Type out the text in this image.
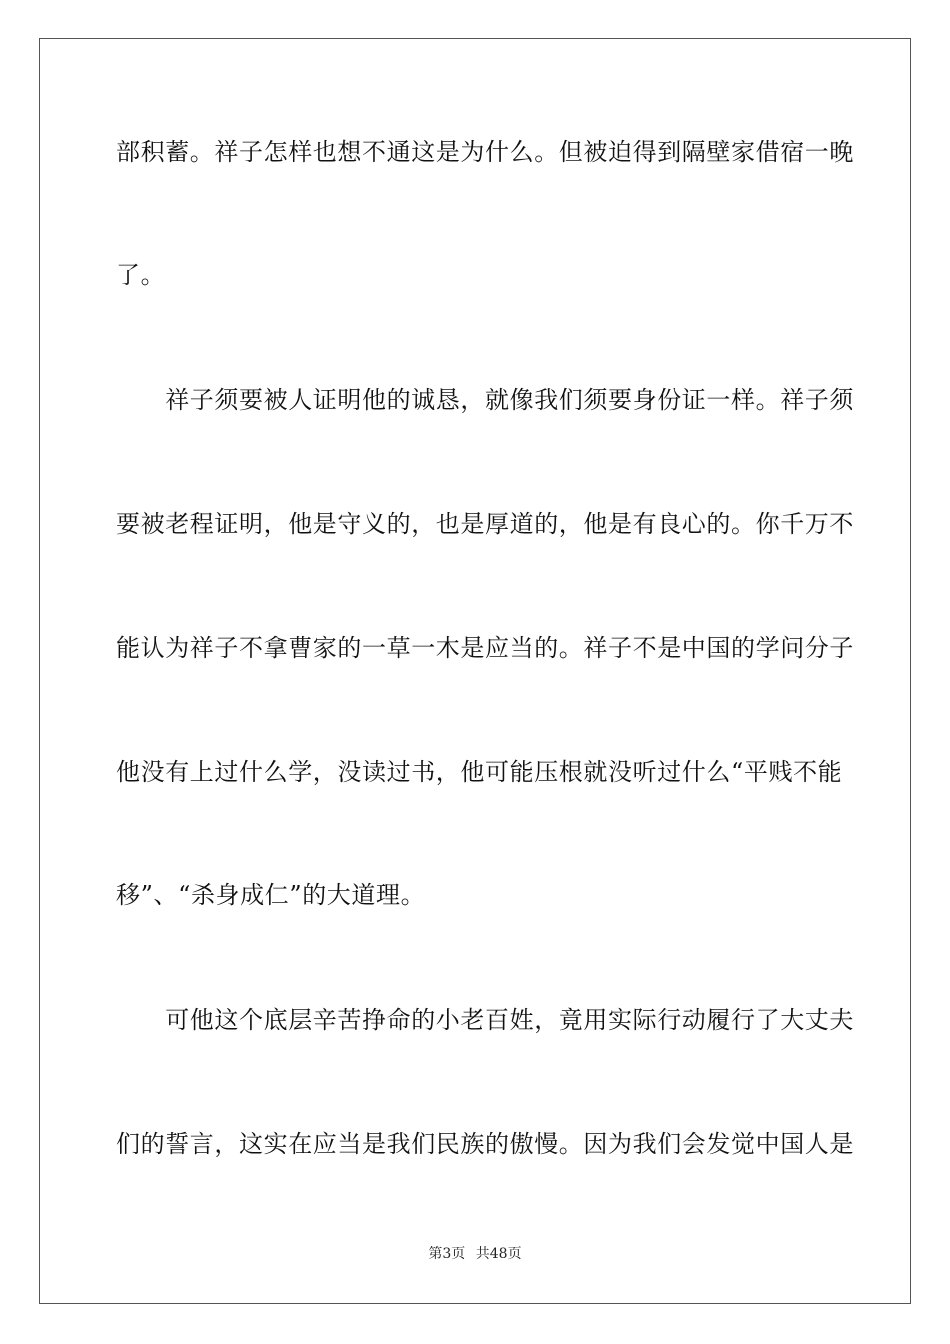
部积蓄。祥子怎样也想不通这是为什么。但被迫得到隔壁家借宿一晚
了。
　　祥子须要被人证明他的诚恳，就像我们须要身份证一样。祥子须
要被老程证明，他是守义的，也是厚道的，他是有良心的。你千万不
能认为祥子不拿曹家的一草一木是应当的。祥子不是中国的学问分子
他没有上过什么学，没读过书，他可能压根就没听过什么“平贱不能
移”、“杀身成仁”的大道理。
　　可他这个底层辛苦挣命的小老百姓，竟用实际行动履行了大丈夫
们的誓言，这实在应当是我们民族的傲慢。因为我们会发觉中国人是
第3页 共48页
